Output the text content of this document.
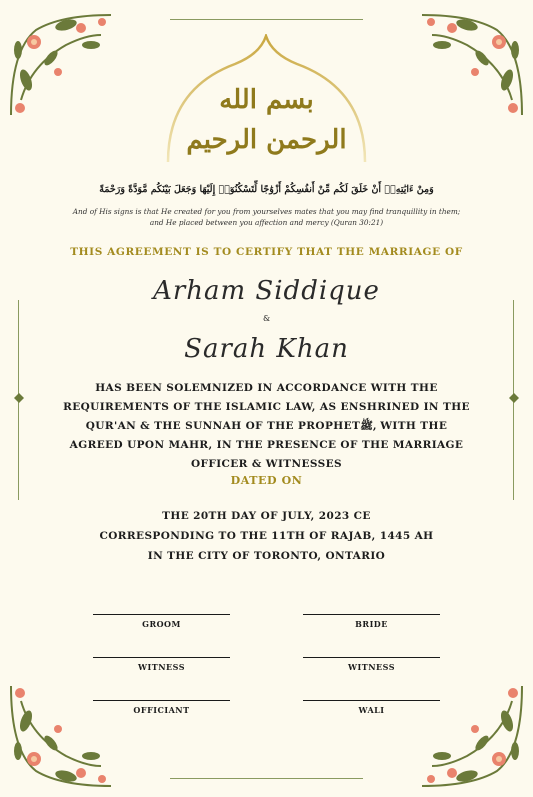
بسم الله الرحمن الرحيم
وَمِنْ ءَايَٰتِهِۦٓ أَنْ خَلَقَ لَكُم مِّنْ أَنفُسِكُمْ أَزْوَٰجًا لِّتَسْكُنُوٓا۟ إِلَيْهَا وَجَعَلَ بَيْنَكُم مَّوَدَّةً وَرَحْمَةً
And of His signs is that He created for you from yourselves mates that you may find tranquillity in them; and He placed between you affection and mercy (Quran 30:21)
THIS AGREEMENT IS TO CERTIFY THAT THE MARRIAGE OF
Arham Siddique
&
Sarah Khan
HAS BEEN SOLEMNIZED IN ACCORDANCE WITH THE REQUIREMENTS OF THE ISLAMIC LAW, AS ENSHRINED IN THE QUR'AN & THE SUNNAH OF THE PROPHETﷺ, WITH THE AGREED UPON MAHR, IN THE PRESENCE OF THE MARRIAGE OFFICER & WITNESSES
DATED ON
THE 20TH DAY OF JULY, 2023 CE
CORRESPONDING TO THE 11TH OF RAJAB, 1445 AH
IN THE CITY OF TORONTO, ONTARIO
GROOM	BRIDE
WITNESS	WITNESS
OFFICIANT	WALI
